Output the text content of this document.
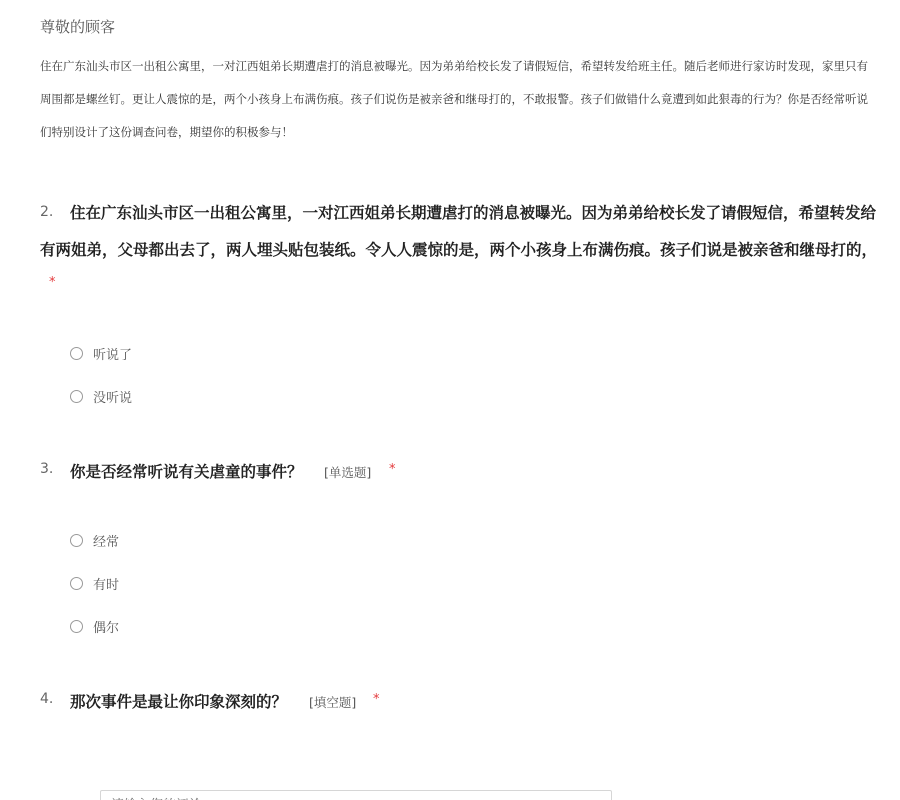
尊敬的顾客
住在广东汕头市区一出租公寓里，一对江西姐弟长期遭虐打的消息被曝光。因为弟弟给校长发了请假短信，希望转发给班主任。随后老师进行家访时发现，家里只有
周围都是螺丝钉。更让人震惊的是，两个小孩身上布满伤痕。孩子们说伤是被亲爸和继母打的，不敢报警。孩子们做错什么竟遭到如此狠毒的行为？你是否经常听说
们特别设计了这份调查问卷，期望你的积极参与！
2. 住在广东汕头市区一出租公寓里，一对江西姐弟长期遭虐打的消息被曝光。因为弟弟给校长发了请假短信，希望转发给
有两姐弟，父母都出去了，两人埋头贴包装纸。令人人震惊的是，两个小孩身上布满伤痕。孩子们说是被亲爸和继母打的，
*
听说了
没听说
3. 你是否经常听说有关虐童的事件？ [单选题] *
经常
有时
偶尔
4. 那次事件是最让你印象深刻的？ [填空题] *
请输入您的评论
